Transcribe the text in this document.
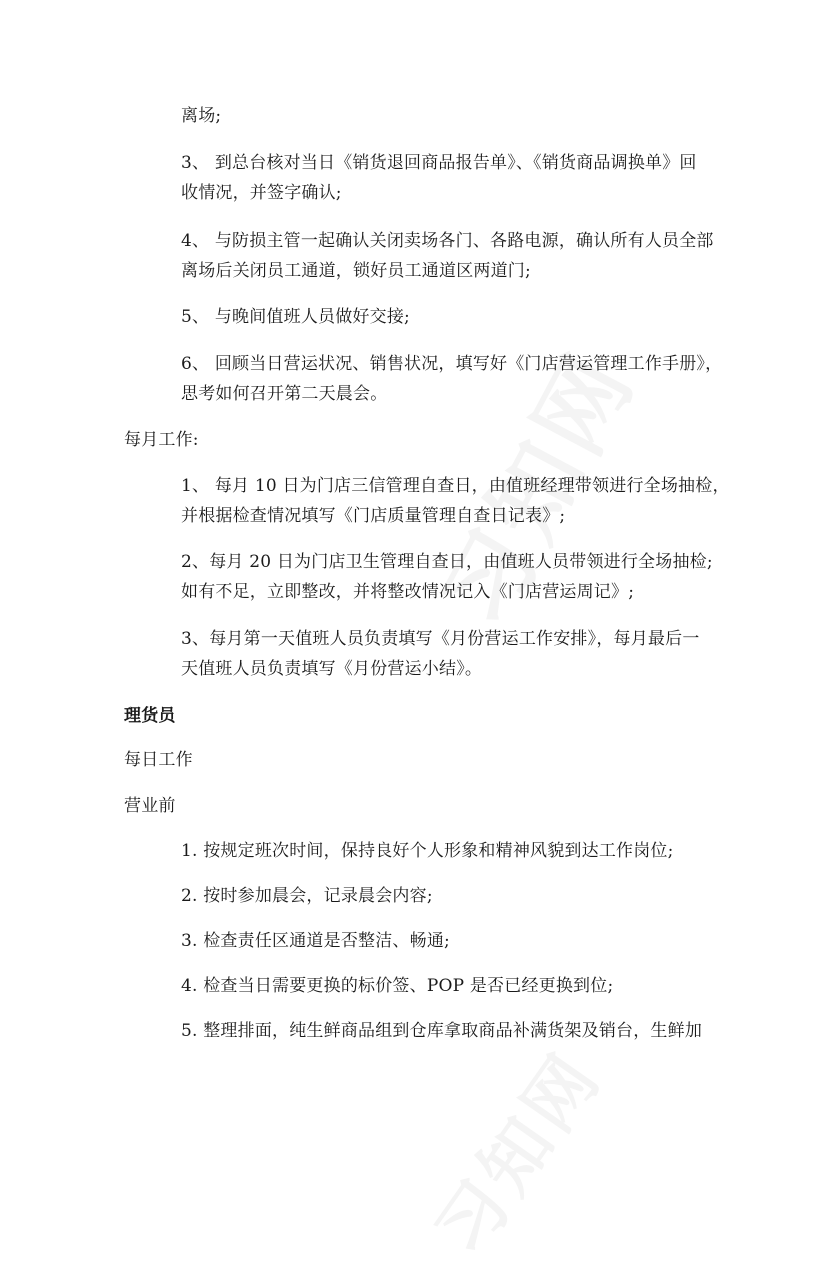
离场;
3、 到总台核对当日《销货退回商品报告单》、《销货商品调换单》回
收情况，并签字确认;
4、 与防损主管一起确认关闭卖场各门、各路电源，确认所有人员全部
离场后关闭员工通道，锁好员工通道区两道门;
5、 与晚间值班人员做好交接;
6、 回顾当日营运状况、销售状况，填写好《门店营运管理工作手册》，
思考如何召开第二天晨会。
每月工作:
1、 每月 10 日为门店三信管理自查日，由值班经理带领进行全场抽检，
并根据检查情况填写《门店质量管理自查日记表》;
2、每月 20 日为门店卫生管理自查日，由值班人员带领进行全场抽检;
如有不足，立即整改，并将整改情况记入《门店营运周记》;
3、每月第一天值班人员负责填写《月份营运工作安排》，每月最后一
天值班人员负责填写《月份营运小结》。
理货员
每日工作
营业前
1. 按规定班次时间，保持良好个人形象和精神风貌到达工作岗位;
2. 按时参加晨会，记录晨会内容;
3. 检查责任区通道是否整洁、畅通;
4. 检查当日需要更换的标价签、POP 是否已经更换到位;
5. 整理排面，纯生鲜商品组到仓库拿取商品补满货架及销台，生鲜加
